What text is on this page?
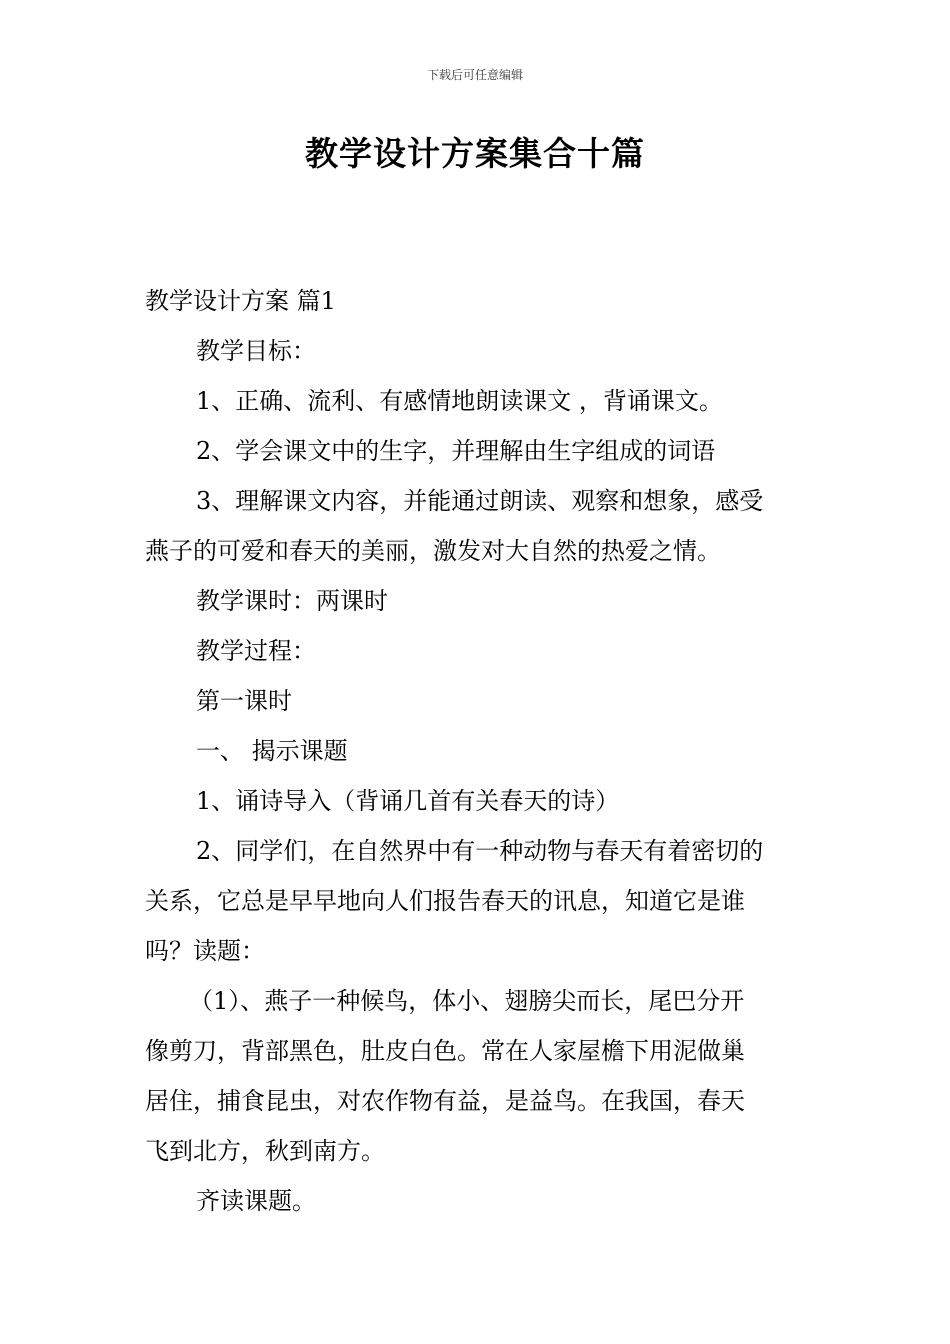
下载后可任意编辑
教学设计方案集合十篇

教学设计方案 篇1

教学目标：

1、正确、流利、有感情地朗读课文 ，背诵课文。

2、学会课文中的生字，并理解由生字组成的词语

3、理解课文内容，并能通过朗读、观察和想象，感受

燕子的可爱和春天的美丽，激发对大自然的热爱之情。

教学课时：两课时

教学过程：

第一课时

一、 揭示课题

1、诵诗导入（背诵几首有关春天的诗）

2、同学们，在自然界中有一种动物与春天有着密切的

关系，它总是早早地向人们报告春天的讯息，知道它是谁

吗？读题：

（1）、燕子一种候鸟，体小、翅膀尖而长，尾巴分开

像剪刀，背部黑色，肚皮白色。常在人家屋檐下用泥做巢

居住，捕食昆虫，对农作物有益，是益鸟。在我国，春天

飞到北方，秋到南方。

齐读课题。
